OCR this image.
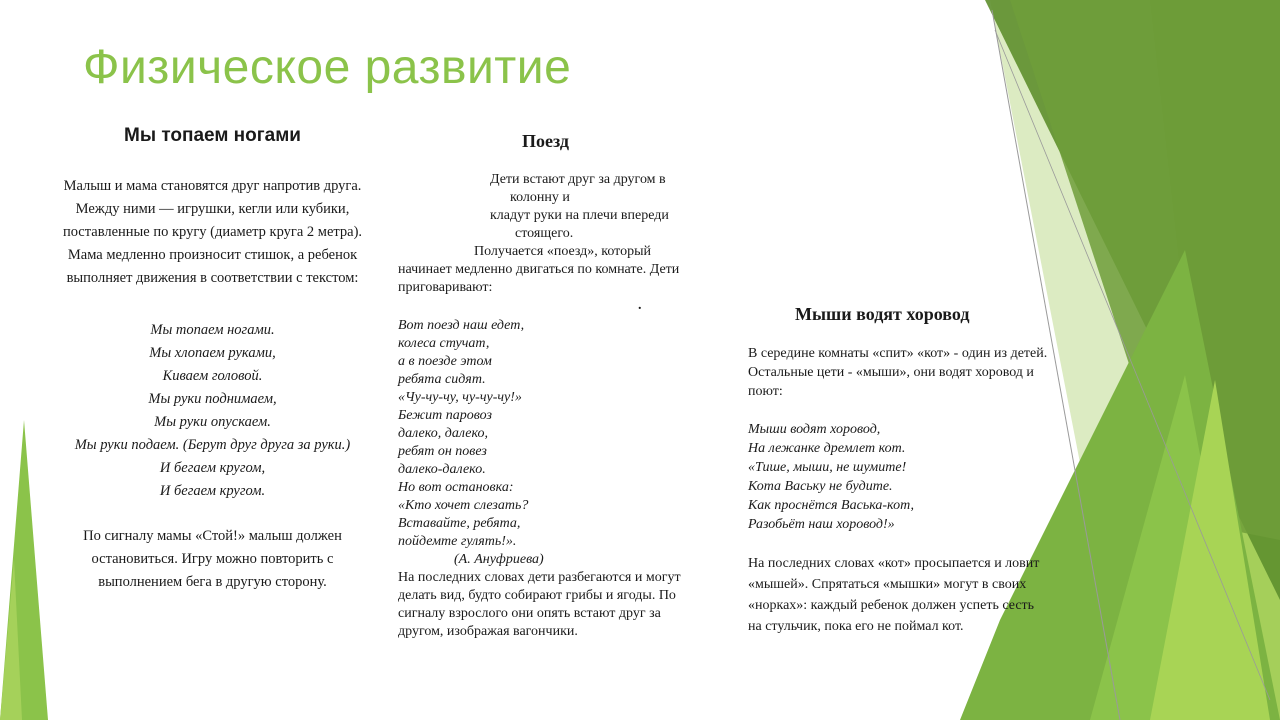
Физическое развитие

Мы топаем ногами

Малыш и мама становятся друг напротив друга. Между ними — игрушки, кегли или кубики, поставленные по кругу (диаметр круга 2 метра). Мама медленно произносит стишок, а ребенок выполняет движения в соответствии с текстом:

Мы топаем ногами.

Мы хлопаем руками,

Киваем головой.

Мы руки поднимаем,

Мы руки опускаем.

Мы руки подаем. (Берут друг друга за руки.)

И бегаем кругом,

И бегаем кругом.

По сигналу мамы «Стой!» малыш должен остановиться. Игру можно повторить с выполнением бега в другую сторону.

Поезд

Дети встают друг за другом в

колонну и

кладут руки на плечи впереди

стоящего.

Получается «поезд», который

начинает медленно двигаться по комнате. Дети приговаривают:

.

Вот поезд наш едет,

колеса стучат,

а в поезде этом

ребята сидят.

«Чу-чу-чу, чу-чу-чу!»

Бежит паровоз

далеко, далеко,

ребят он повез

далеко-далеко.

Но вот остановка:

«Кто хочет слезать?

Вставайте, ребята,

пойдемте гулять!».

(А. Ануфриева)

На последних словах дети разбегаются и могут делать вид, будто собирают грибы и ягоды. По сигналу взрослого они опять встают друг за другом, изображая вагончики.

Мыши водят хоровод

В середине комнаты «спит» «кот» - один из детей. Остальные цети - «мыши», они водят хоровод и поют:

Мыши водят хоровод,

На лежанке дремлет кот.

«Тише, мыши, не шумите!

Кота Ваську не будите.

Как проснётся Васька-кот,

Разобьёт наш хоровод!»

На последних словах «кот» просыпается и ловит «мышей». Спрятаться «мышки» могут в своих «норках»: каждый ребенок должен успеть сесть на стульчик, пока его не поймал кот.
